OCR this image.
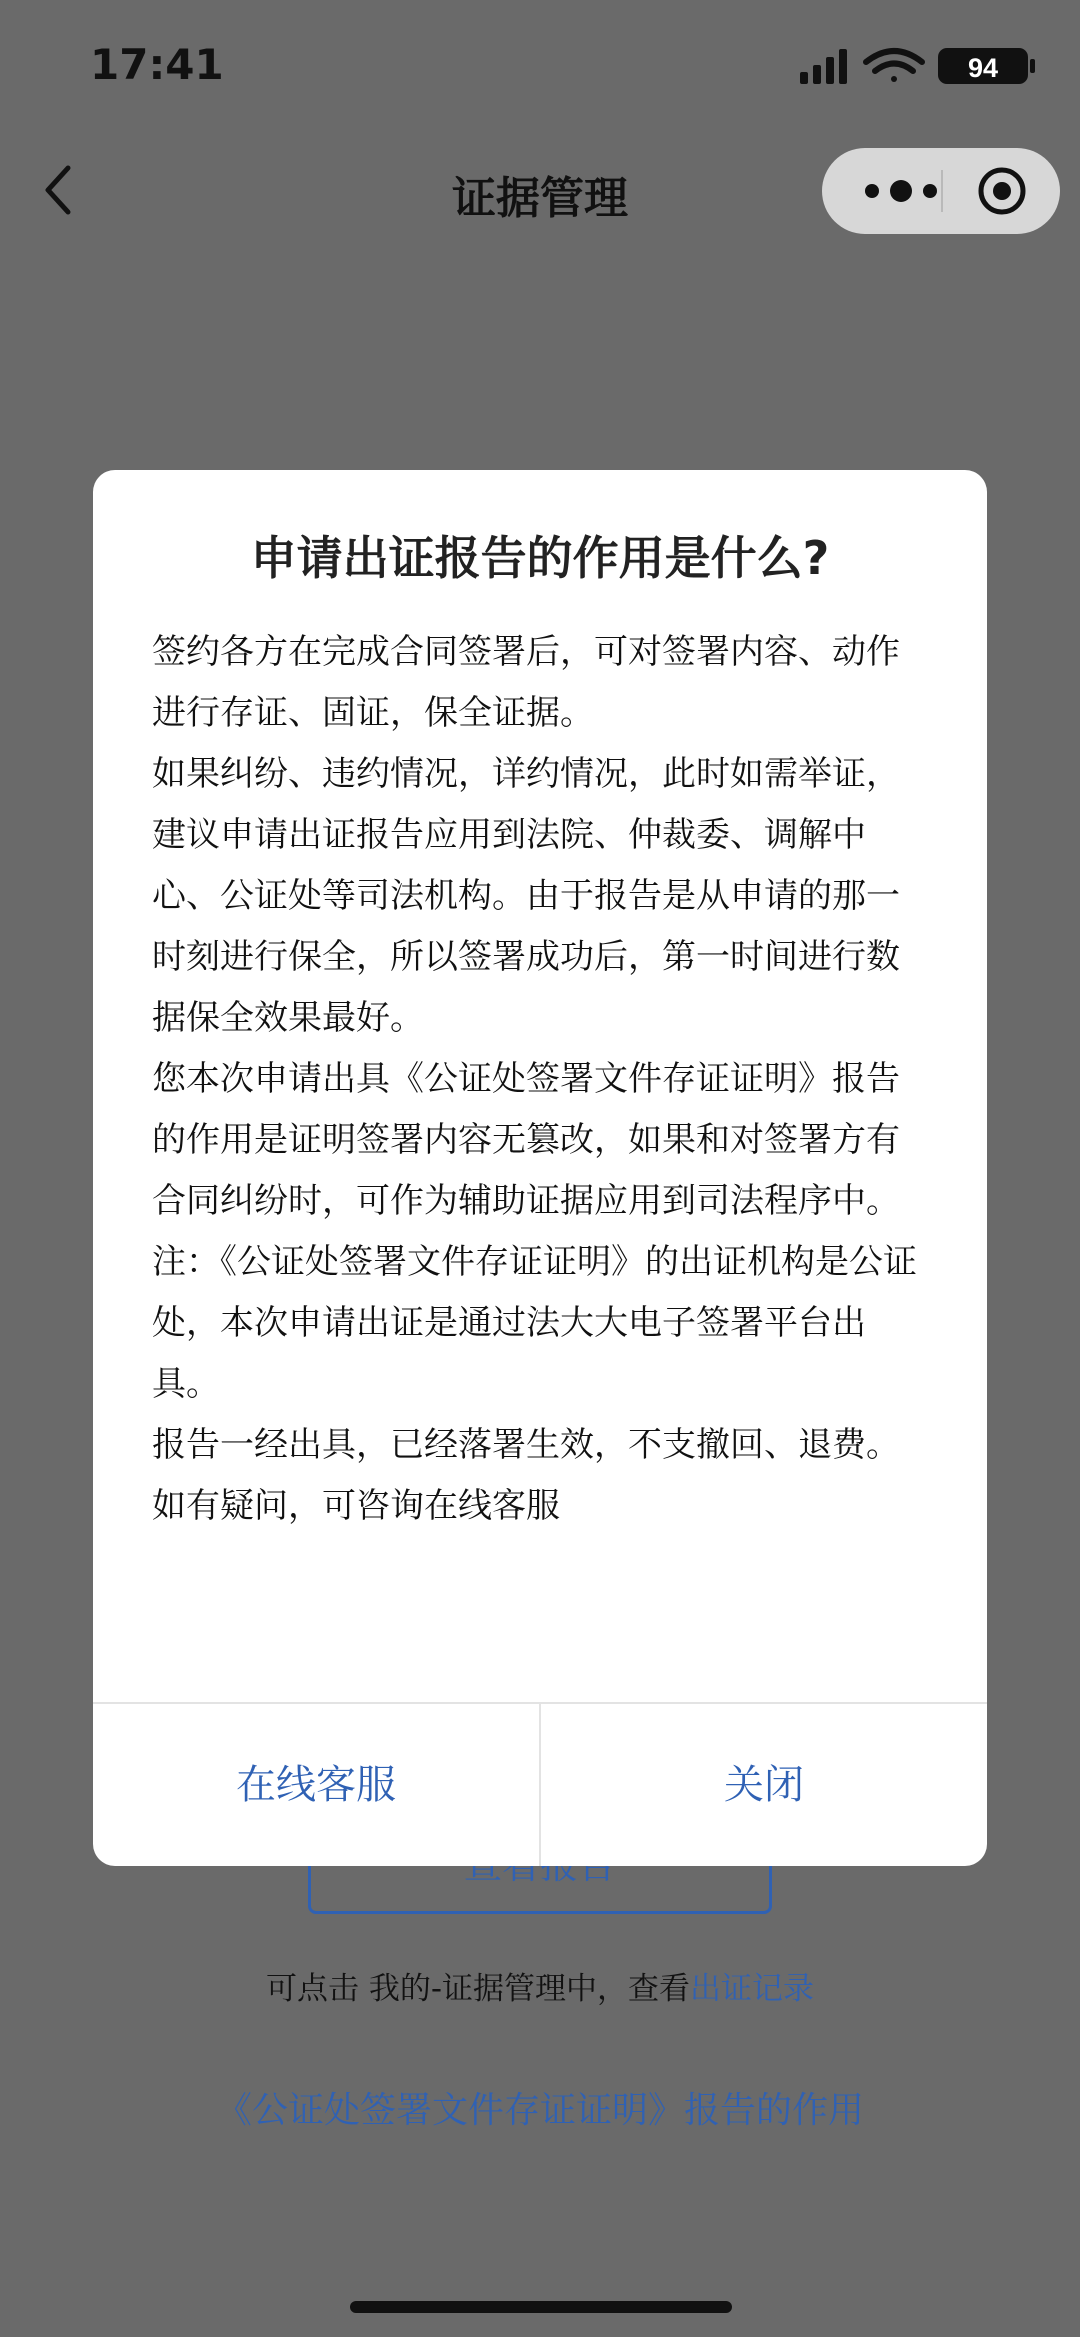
17:41	94
证据管理
可点击 我的-证据管理中，查看出证记录
《公证处签署文件存证证明》报告的作用
申请出证报告的作用是什么?
签约各方在完成合同签署后，可对签署内容、动作进行存证、固证，保全证据。
如果纠纷、违约情况，详约情况，此时如需举证，建议申请出证报告应用到法院、仲裁委、调解中心、公证处等司法机构。由于报告是从申请的那一时刻进行保全，所以签署成功后，第一时间进行数据保全效果最好。
您本次申请出具《公证处签署文件存证证明》报告的作用是证明签署内容无篡改，如果和对签署方有合同纠纷时，可作为辅助证据应用到司法程序中。
注：《公证处签署文件存证证明》的出证机构是公证处，本次申请出证是通过法大大电子签署平台出具。
报告一经出具，已经落署生效，不支撤回、退费。
如有疑问，可咨询在线客服
在线客服	关闭
